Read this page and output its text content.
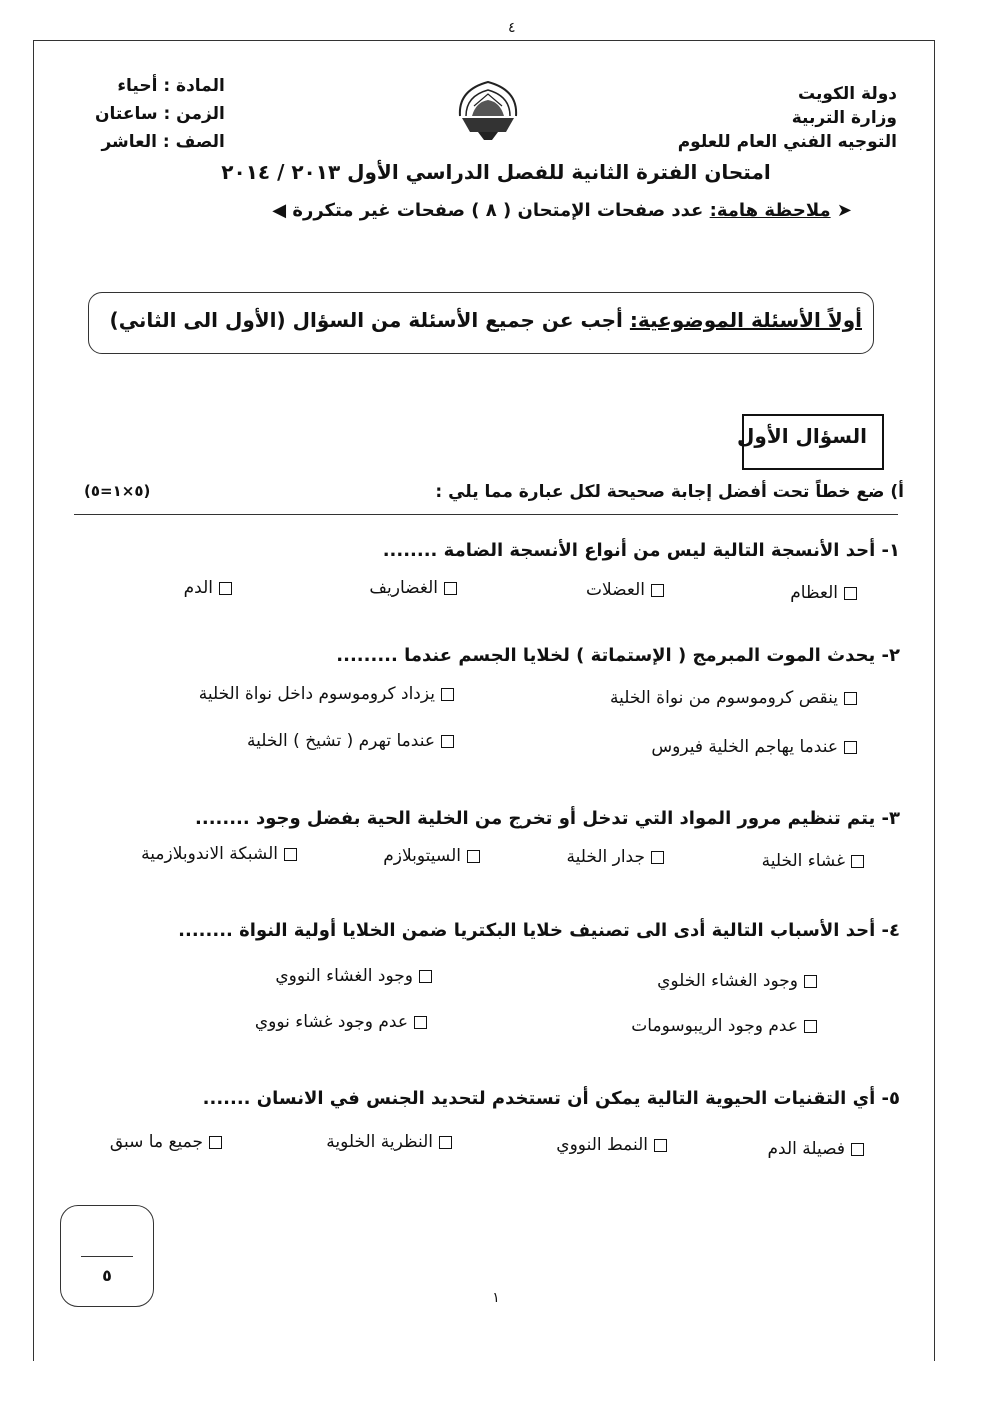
٤
دولة الكويت
وزارة التربية
التوجيه الفني العام للعلوم
المادة : أحياء
الزمن : ساعتان
الصف : العاشر
امتحان الفترة الثانية للفصل الدراسي الأول ٢٠١٣ / ٢٠١٤
➤ ملاحظة هامة: عدد صفحات الإمتحان ( ٨ ) صفحات غير متكررة ◀
أولاً الأسئلة الموضوعية: أجب عن جميع الأسئلة من السؤال (الأول الى الثاني)
السؤال الأول
أ) ضع خطاً تحت أفضل إجابة صحيحة لكل عبارة مما يلي :
(٥×١=٥)
١- أحد الأنسجة التالية ليس من أنواع الأنسجة الضامة ........
العظام
العضلات
الغضاريف
الدم
٢- يحدث الموت المبرمج ( الإستماتة ) لخلايا الجسم عندما .........
ينقص كروموسوم من نواة الخلية
يزداد كروموسوم داخل نواة الخلية
عندما يهاجم الخلية فيروس
عندما تهرم ( تشيخ ) الخلية
٣- يتم تنظيم مرور المواد التي تدخل أو تخرج من الخلية الحية بفضل وجود ........
غشاء الخلية
جدار الخلية
السيتوبلازم
الشبكة الاندوبلازمية
٤- أحد الأسباب التالية أدى الى تصنيف خلايا البكتريا ضمن الخلايا أولية النواة ........
وجود الغشاء الخلوي
وجود الغشاء النووي
عدم وجود الريبوسومات
عدم وجود غشاء نووي
٥- أي التقنيات الحيوية التالية يمكن أن تستخدم لتحديد الجنس في الانسان .......
فصيلة الدم
النمط النووي
النظرية الخلوية
جميع ما سبق
٥
١
